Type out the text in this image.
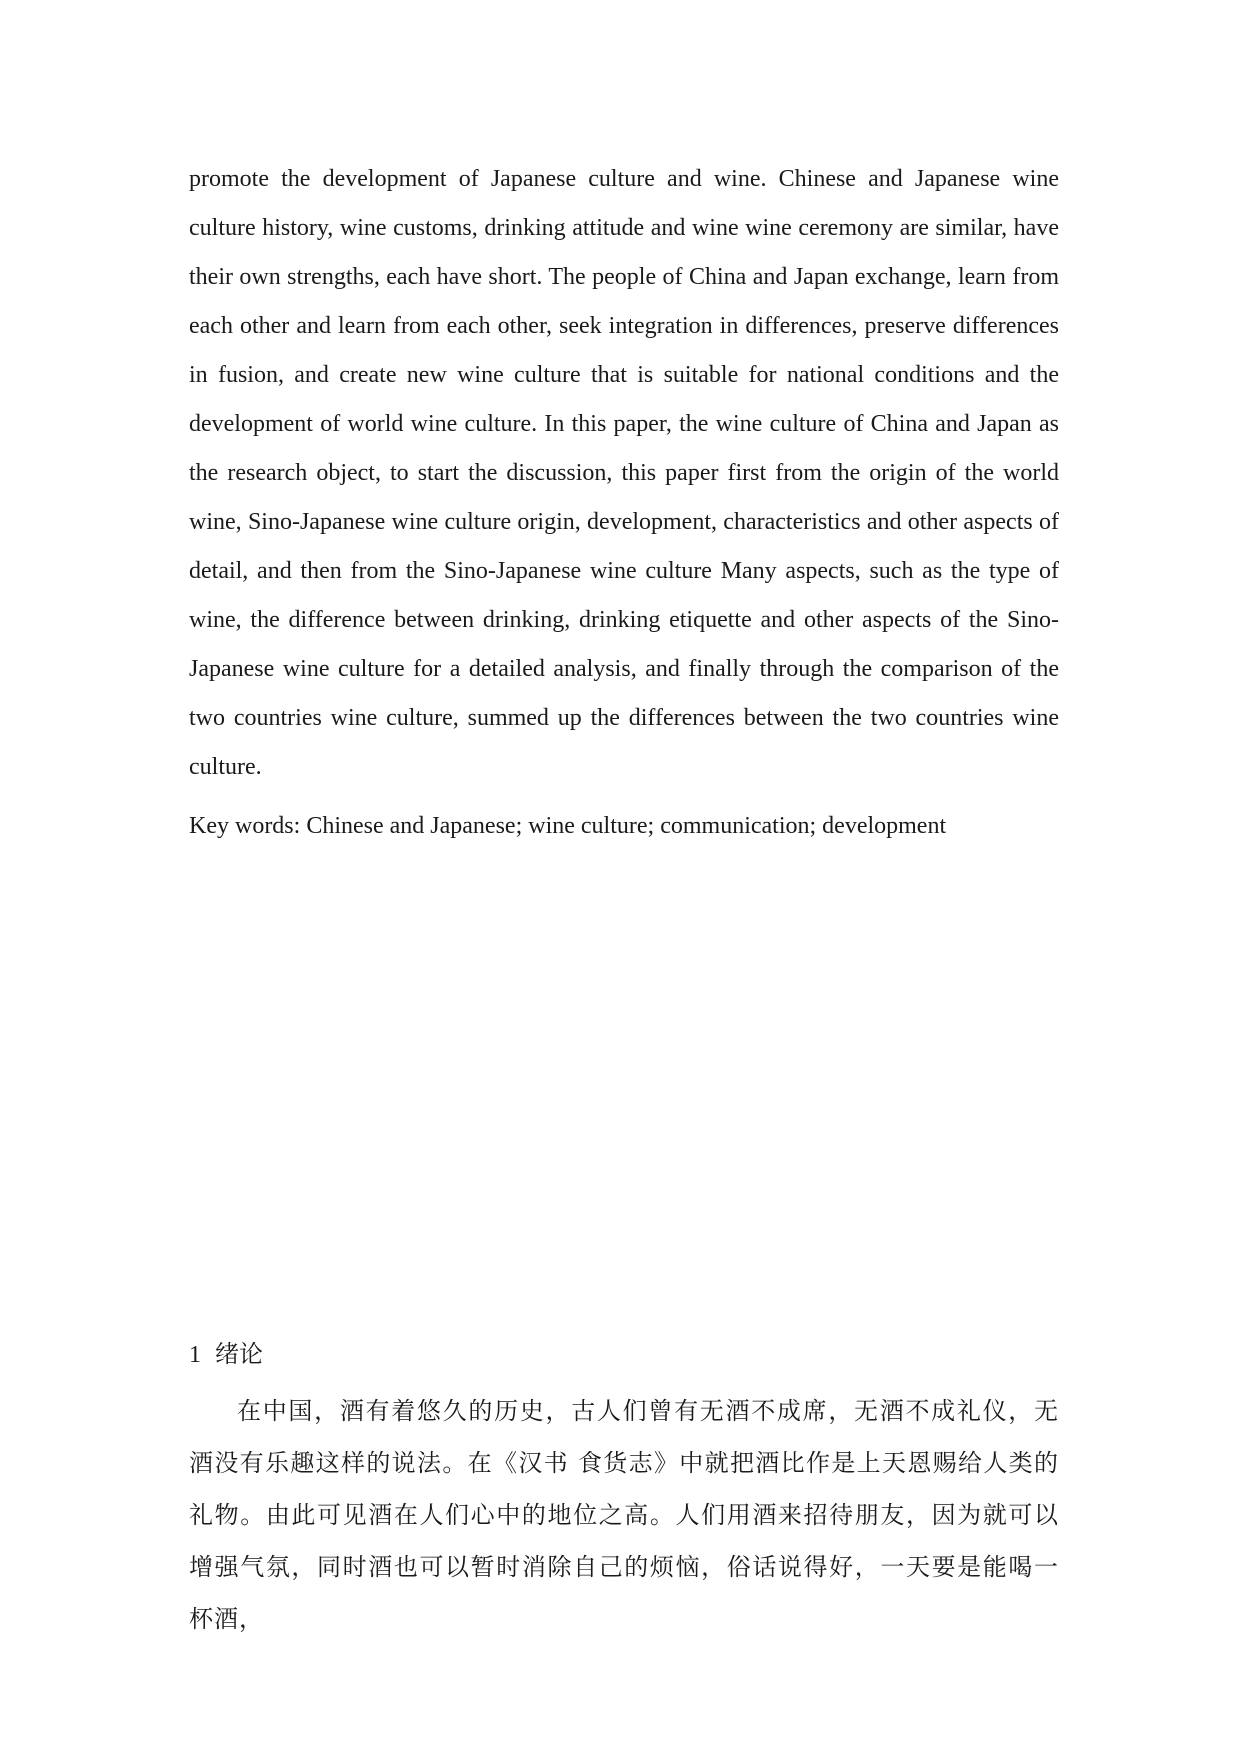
promote the development of Japanese culture and wine. Chinese and Japanese wine culture history, wine customs, drinking attitude and wine wine ceremony are similar, have their own strengths, each have short. The people of China and Japan exchange, learn from each other and learn from each other, seek integration in differences, preserve differences in fusion, and create new wine culture that is suitable for national conditions and the development of world wine culture. In this paper, the wine culture of China and Japan as the research object, to start the discussion, this paper first from the origin of the world wine, Sino-Japanese wine culture origin, development, characteristics and other aspects of detail, and then from the Sino-Japanese wine culture Many aspects, such as the type of wine, the difference between drinking, drinking etiquette and other aspects of the Sino-Japanese wine culture for a detailed analysis, and finally through the comparison of the two countries wine culture, summed up the differences between the two countries wine culture.

Key words: Chinese and Japanese; wine culture; communication; development

1 绪论

在中国，酒有着悠久的历史，古人们曾有无酒不成席，无酒不成礼仪，无酒没有乐趣这样的说法。在《汉书 食货志》中就把酒比作是上天恩赐给人类的礼物。由此可见酒在人们心中的地位之高。人们用酒来招待朋友，因为就可以增强气氛，同时酒也可以暂时消除自己的烦恼，俗话说得好，一天要是能喝一杯酒，
